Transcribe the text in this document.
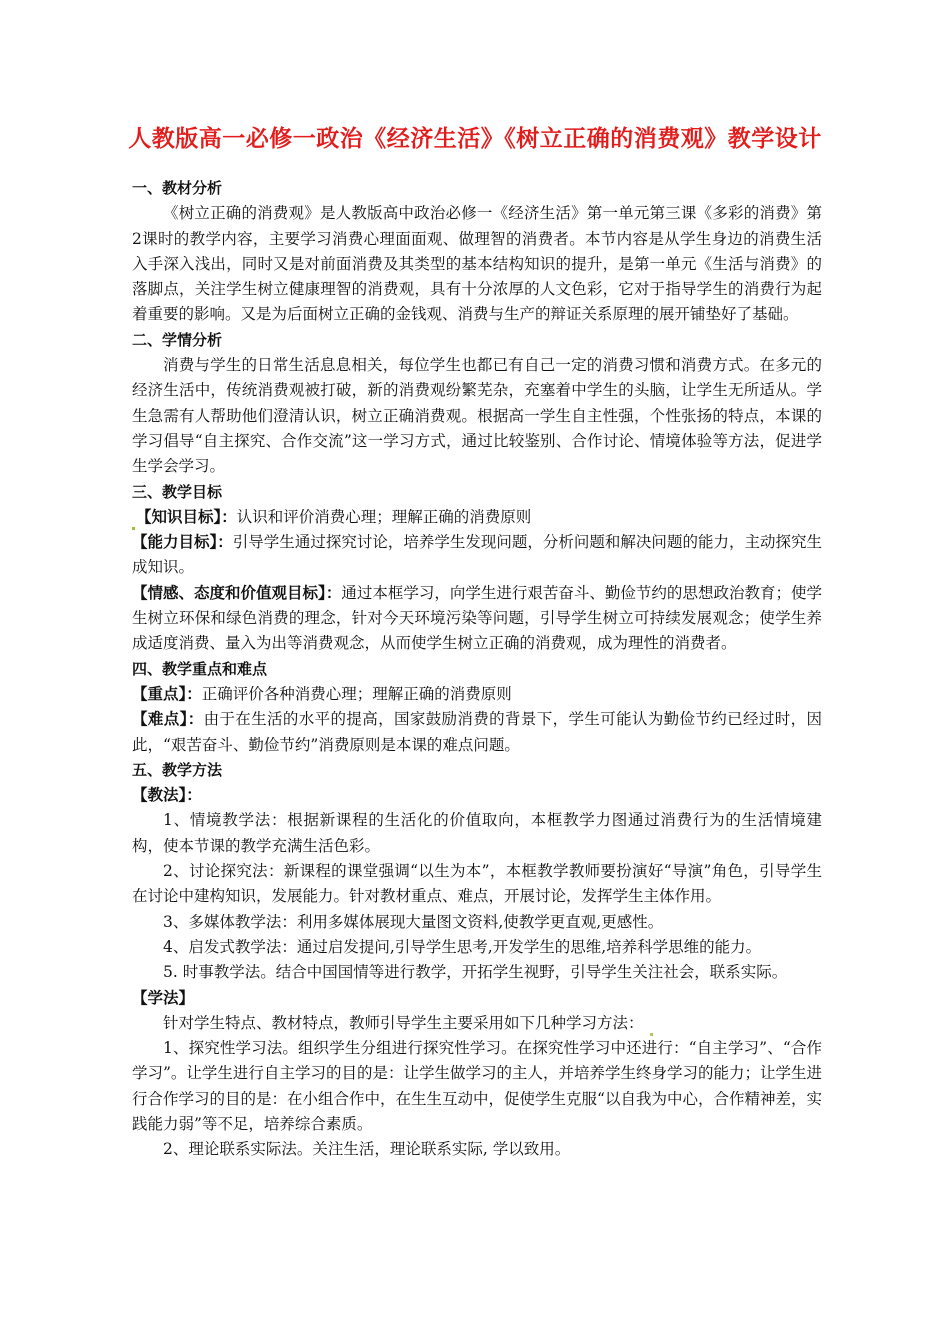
人教版高一必修一政治《经济生活》《树立正确的消费观》教学设计
一、教材分析
《树立正确的消费观》是人教版高中政治必修一《经济生活》第一单元第三课《多彩的消费》第2课时的教学内容，主要学习消费心理面面观、做理智的消费者。本节内容是从学生身边的消费生活入手深入浅出，同时又是对前面消费及其类型的基本结构知识的提升，是第一单元《生活与消费》的落脚点，关注学生树立健康理智的消费观，具有十分浓厚的人文色彩，它对于指导学生的消费行为起着重要的影响。又是为后面树立正确的金钱观、消费与生产的辩证关系原理的展开铺垫好了基础。
二、学情分析
消费与学生的日常生活息息相关，每位学生也都已有自己一定的消费习惯和消费方式。在多元的经济生活中，传统消费观被打破，新的消费观纷繁芜杂，充塞着中学生的头脑，让学生无所适从。学生急需有人帮助他们澄清认识，树立正确消费观。根据高一学生自主性强，个性张扬的特点，本课的学习倡导“自主探究、合作交流”这一学习方式，通过比较鉴别、合作讨论、情境体验等方法，促进学生学会学习。
三、教学目标
【知识目标】：认识和评价消费心理；理解正确的消费原则
【能力目标】：引导学生通过探究讨论，培养学生发现问题，分析问题和解决问题的能力，主动探究生成知识。
【情感、态度和价值观目标】：通过本框学习，向学生进行艰苦奋斗、勤俭节约的思想政治教育；使学生树立环保和绿色消费的理念，针对今天环境污染等问题，引导学生树立可持续发展观念；使学生养成适度消费、量入为出等消费观念，从而使学生树立正确的消费观，成为理性的消费者。
四、教学重点和难点
【重点】：正确评价各种消费心理；理解正确的消费原则
【难点】：由于在生活的水平的提高，国家鼓励消费的背景下，学生可能认为勤俭节约已经过时，因此，“艰苦奋斗、勤俭节约”消费原则是本课的难点问题。
五、教学方法
【教法】：
1、情境教学法：根据新课程的生活化的价值取向，本框教学力图通过消费行为的生活情境建构，使本节课的教学充满生活色彩。
2、讨论探究法：新课程的课堂强调“以生为本”，本框教学教师要扮演好“导演”角色，引导学生在讨论中建构知识，发展能力。针对教材重点、难点，开展讨论，发挥学生主体作用。
3、多媒体教学法：利用多媒体展现大量图文资料,使教学更直观,更感性。
4、启发式教学法：通过启发提问,引导学生思考,开发学生的思维,培养科学思维的能力。
5. 时事教学法。结合中国国情等进行教学，开拓学生视野，引导学生关注社会，联系实际。
【学法】
针对学生特点、教材特点，教师引导学生主要采用如下几种学习方法：
1、探究性学习法。组织学生分组进行探究性学习。在探究性学习中还进行：“自主学习”、“合作学习”。让学生进行自主学习的目的是：让学生做学习的主人，并培养学生终身学习的能力；让学生进行合作学习的目的是：在小组合作中，在生生互动中，促使学生克服“以自我为中心，合作精神差，实践能力弱”等不足，培养综合素质。
2、理论联系实际法。关注生活，理论联系实际, 学以致用。
